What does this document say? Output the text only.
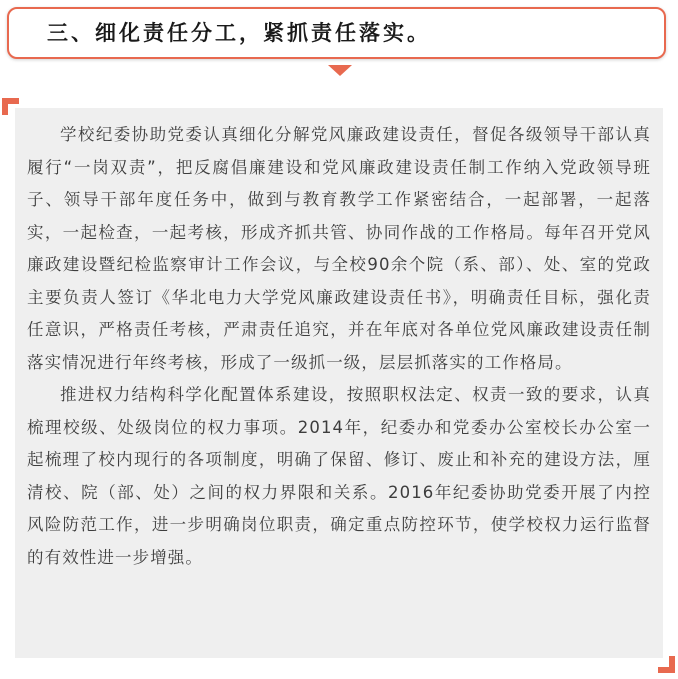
三、细化责任分工，紧抓责任落实。

学校纪委协助党委认真细化分解党风廉政建设责任，督促各级领导干部认真履行“一岗双责”，把反腐倡廉建设和党风廉政建设责任制工作纳入党政领导班子、领导干部年度任务中，做到与教育教学工作紧密结合，一起部署，一起落实，一起检查，一起考核，形成齐抓共管、协同作战的工作格局。每年召开党风廉政建设暨纪检监察审计工作会议，与全校90余个院（系、部）、处、室的党政主要负责人签订《华北电力大学党风廉政建设责任书》，明确责任目标，强化责任意识，严格责任考核，严肃责任追究，并在年底对各单位党风廉政建设责任制落实情况进行年终考核，形成了一级抓一级，层层抓落实的工作格局。

推进权力结构科学化配置体系建设，按照职权法定、权责一致的要求，认真梳理校级、处级岗位的权力事项。2014年，纪委办和党委办公室校长办公室一起梳理了校内现行的各项制度，明确了保留、修订、废止和补充的建设方法，厘清校、院（部、处）之间的权力界限和关系。2016年纪委协助党委开展了内控风险防范工作，进一步明确岗位职责，确定重点防控环节，使学校权力运行监督的有效性进一步增强。
